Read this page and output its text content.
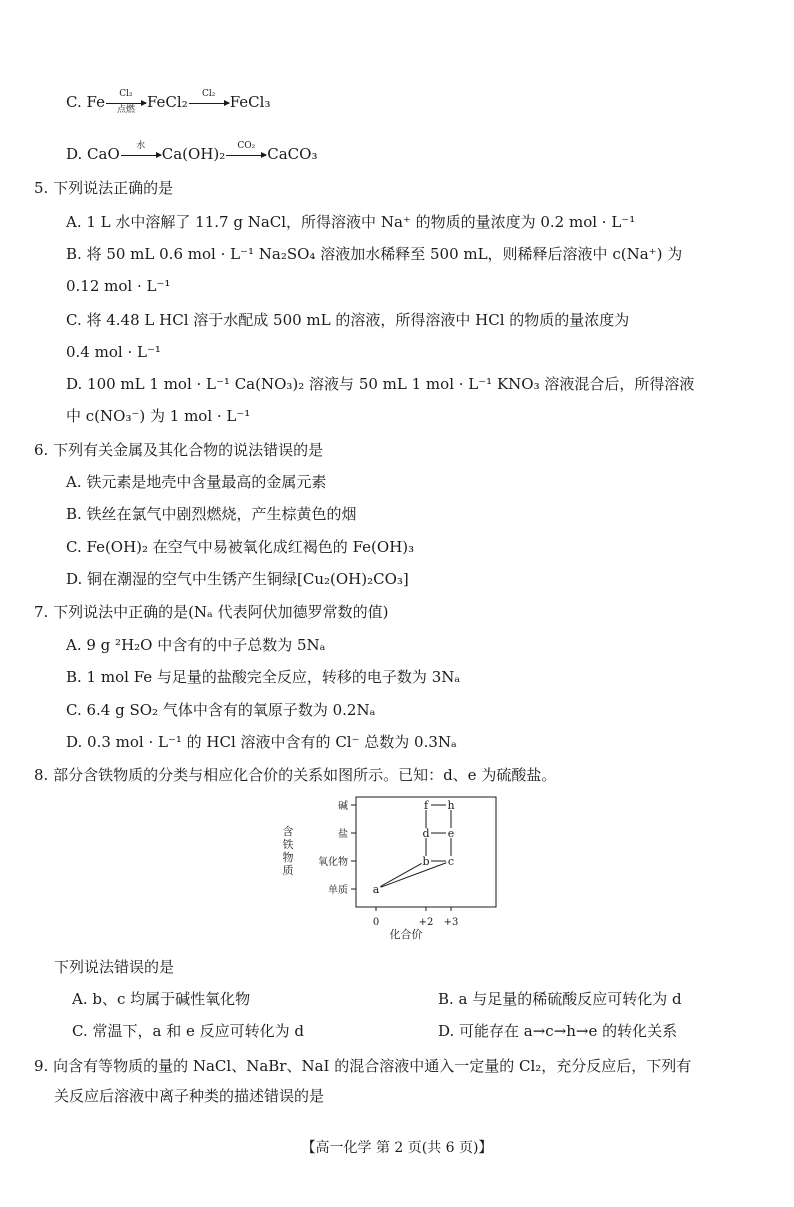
C. Fe	Cl₂
点燃 FeCl₂	Cl₂ FeCl₃
D. CaO	水	Ca(OH)₂	CO₂ CaCO₃
5. 下列说法正确的是
A. 1 L 水中溶解了 11.7 g NaCl，所得溶液中 Na⁺ 的物质的量浓度为 0.2 mol · L⁻¹
B. 将 50 mL 0.6 mol · L⁻¹ Na₂SO₄ 溶液加水稀释至 500 mL，则稀释后溶液中 c(Na⁺) 为
0.12 mol · L⁻¹
C. 将 4.48 L HCl 溶于水配成 500 mL 的溶液，所得溶液中 HCl 的物质的量浓度为
0.4 mol · L⁻¹
D. 100 mL 1 mol · L⁻¹ Ca(NO₃)₂ 溶液与 50 mL 1 mol · L⁻¹ KNO₃ 溶液混合后，所得溶液
中 c(NO₃⁻) 为 1 mol · L⁻¹
6. 下列有关金属及其化合物的说法错误的是
A. 铁元素是地壳中含量最高的金属元素
B. 铁丝在氯气中剧烈燃烧，产生棕黄色的烟
C. Fe(OH)₂ 在空气中易被氧化成红褐色的 Fe(OH)₃
D. 铜在潮湿的空气中生锈产生铜绿[Cu₂(OH)₂CO₃]
7. 下列说法中正确的是(Nₐ 代表阿伏加德罗常数的值)
A. 9 g ²H₂O 中含有的中子总数为 5Nₐ
B. 1 mol Fe 与足量的盐酸完全反应，转移的电子数为 3Nₐ
C. 6.4 g SO₂ 气体中含有的氧原子数为 0.2Nₐ
D. 0.3 mol · L⁻¹ 的 HCl 溶液中含有的 Cl⁻ 总数为 0.3Nₐ
8. 部分含铁物质的分类与相应化合价的关系如图所示。已知：d、e 为硫酸盐。
单质
氧化物
盐
碱
0	+2 +3
化合价
含
铁
物
质
a
b c
d e
f h
下列说法错误的是
A. b、c 均属于碱性氧化物	B. a 与足量的稀硫酸反应可转化为 d
C. 常温下，a 和 e 反应可转化为 d	D. 可能存在 a→c→h→e 的转化关系
9. 向含有等物质的量的 NaCl、NaBr、NaI 的混合溶液中通入一定量的 Cl₂，充分反应后，下列有
关反应后溶液中离子种类的描述错误的是
【高一化学 第 2 页(共 6 页)】
